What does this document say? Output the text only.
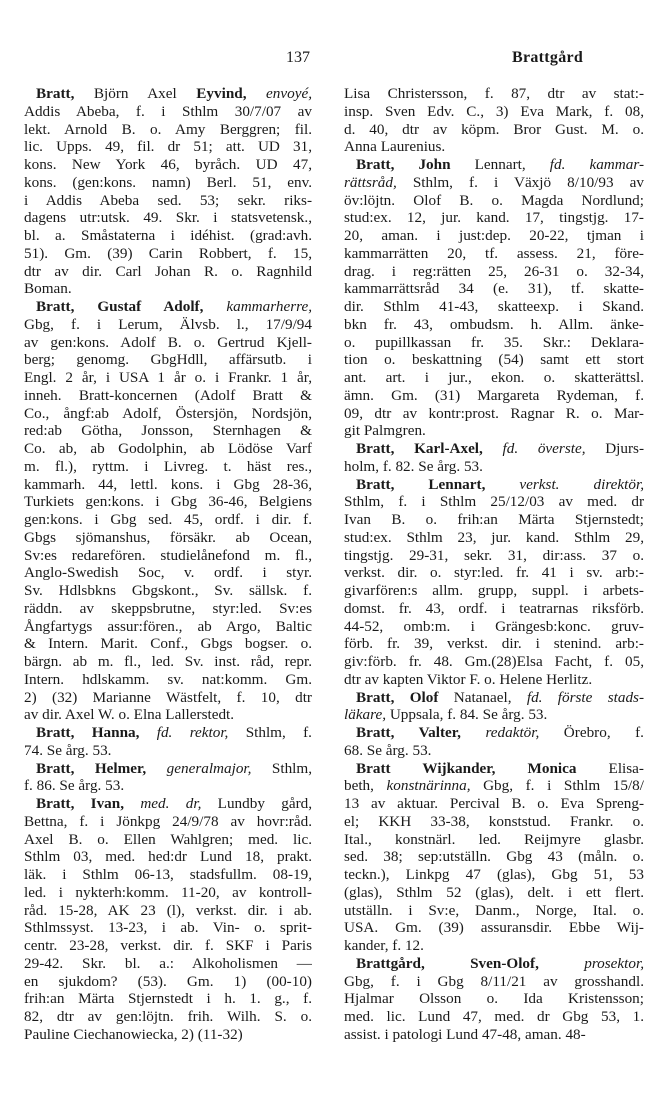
137	Brattgård
Bratt, Björn Axel Eyvind, envoyé,
Addis Abeba, f. i Sthlm 30/7/07 av
lekt. Arnold B. o. Amy Berggren; fil.
lic. Upps. 49, fil. dr 51; att. UD 31,
kons. New York 46, byråch. UD 47,
kons. (gen:kons. namn) Berl. 51, env.
i Addis Abeba sed. 53; sekr. riks-
dagens utr:utsk. 49. Skr. i statsvetensk.,
bl. a. Småstaterna i idéhist. (grad:avh.
51). Gm. (39) Carin Robbert, f. 15,
dtr av dir. Carl Johan R. o. Ragnhild
Boman.
Bratt, Gustaf Adolf, kammarherre,
Gbg, f. i Lerum, Älvsb. l., 17/9/94
av gen:kons. Adolf B. o. Gertrud Kjell-
berg; genomg. GbgHdll, affärsutb. i
Engl. 2 år, i USA 1 år o. i Frankr. 1 år,
inneh. Bratt-koncernen (Adolf Bratt &
Co., ångf:ab Adolf, Östersjön, Nordsjön,
red:ab Götha, Jonsson, Sternhagen &
Co. ab, ab Godolphin, ab Lödöse Varf
m. fl.), ryttm. i Livreg. t. häst res.,
kammarh. 44, lettl. kons. i Gbg 28-36,
Turkiets gen:kons. i Gbg 36-46, Belgiens
gen:kons. i Gbg sed. 45, ordf. i dir. f.
Gbgs sjömanshus, försäkr. ab Ocean,
Sv:es redarefören. studielånefond m. fl.,
Anglo-Swedish Soc, v. ordf. i styr.
Sv. Hdlsbkns Gbgskont., Sv. sällsk. f.
räddn. av skeppsbrutne, styr:led. Sv:es
Ångfartygs assur:fören., ab Argo, Baltic
& Intern. Marit. Conf., Gbgs bogser. o.
bärgn. ab m. fl., led. Sv. inst. råd, repr.
Intern. hdlskamm. sv. nat:komm. Gm.
2) (32) Marianne Wästfelt, f. 10, dtr
av dir. Axel W. o. Elna Lallerstedt.
Bratt, Hanna, fd. rektor, Sthlm, f.
74. Se årg. 53.
Bratt, Helmer, generalmajor, Sthlm,
f. 86. Se årg. 53.
Bratt, Ivan, med. dr, Lundby gård,
Bettna, f. i Jönkpg 24/9/78 av hovr:råd.
Axel B. o. Ellen Wahlgren; med. lic.
Sthlm 03, med. hed:dr Lund 18, prakt.
läk. i Sthlm 06-13, stadsfullm. 08-19,
led. i nykterh:komm. 11-20, av kontroll-
råd. 15-28, AK 23 (l), verkst. dir. i ab.
Sthlmssyst. 13-23, i ab. Vin- o. sprit-
centr. 23-28, verkst. dir. f. SKF i Paris
29-42. Skr. bl. a.: Alkoholismen —
en sjukdom? (53). Gm. 1) (00-10)
frih:an Märta Stjernstedt i h. 1. g., f.
82, dtr av gen:löjtn. frih. Wilh. S. o.
Pauline Ciechanowiecka, 2) (11-32)
Lisa Christersson, f. 87, dtr av stat:-
insp. Sven Edv. C., 3) Eva Mark, f. 08,
d. 40, dtr av köpm. Bror Gust. M. o.
Anna Laurenius.
Bratt, John Lennart, fd. kammar-
rättsråd, Sthlm, f. i Växjö 8/10/93 av
öv:löjtn. Olof B. o. Magda Nordlund;
stud:ex. 12, jur. kand. 17, tingstjg. 17-
20, aman. i just:dep. 20-22, tjman i
kammarrätten 20, tf. assess. 21, före-
drag. i reg:rätten 25, 26-31 o. 32-34,
kammarrättsråd 34 (e. 31), tf. skatte-
dir. Sthlm 41-43, skatteexp. i Skand.
bkn fr. 43, ombudsm. h. Allm. änke-
o. pupillkassan fr. 35. Skr.: Deklara-
tion o. beskattning (54) samt ett stort
ant. art. i jur., ekon. o. skatterättsl.
ämn. Gm. (31) Margareta Rydeman, f.
09, dtr av kontr:prost. Ragnar R. o. Mar-
git Palmgren.
Bratt, Karl-Axel, fd. överste, Djurs-
holm, f. 82. Se årg. 53.
Bratt, Lennart, verkst. direktör,
Sthlm, f. i Sthlm 25/12/03 av med. dr
Ivan B. o. frih:an Märta Stjernstedt;
stud:ex. Sthlm 23, jur. kand. Sthlm 29,
tingstjg. 29-31, sekr. 31, dir:ass. 37 o.
verkst. dir. o. styr:led. fr. 41 i sv. arb:-
givarfören:s allm. grupp, suppl. i arbets-
domst. fr. 43, ordf. i teatrarnas riksförb.
44-52, omb:m. i Grängesb:konc. gruv-
förb. fr. 39, verkst. dir. i stenind. arb:-
giv:förb. fr. 48. Gm.(28)Elsa Facht, f. 05,
dtr av kapten Viktor F. o. Helene Herlitz.
Bratt, Olof Natanael, fd. förste stads-
läkare, Uppsala, f. 84. Se årg. 53.
Bratt, Valter, redaktör, Örebro, f.
68. Se årg. 53.
Bratt Wijkander, Monica Elisa-
beth, konstnärinna, Gbg, f. i Sthlm 15/8/
13 av aktuar. Percival B. o. Eva Spreng-
el; KKH 33-38, konststud. Frankr. o.
Ital., konstnärl. led. Reijmyre glasbr.
sed. 38; sep:utställn. Gbg 43 (måln. o.
teckn.), Linkpg 47 (glas), Gbg 51, 53
(glas), Sthlm 52 (glas), delt. i ett flert.
utställn. i Sv:e, Danm., Norge, Ital. o.
USA. Gm. (39) assuransdir. Ebbe Wij-
kander, f. 12.
Brattgård, Sven-Olof, prosektor,
Gbg, f. i Gbg 8/11/21 av grosshandl.
Hjalmar Olsson o. Ida Kristensson;
med. lic. Lund 47, med. dr Gbg 53, 1.
assist. i patologi Lund 47-48, aman. 48-
